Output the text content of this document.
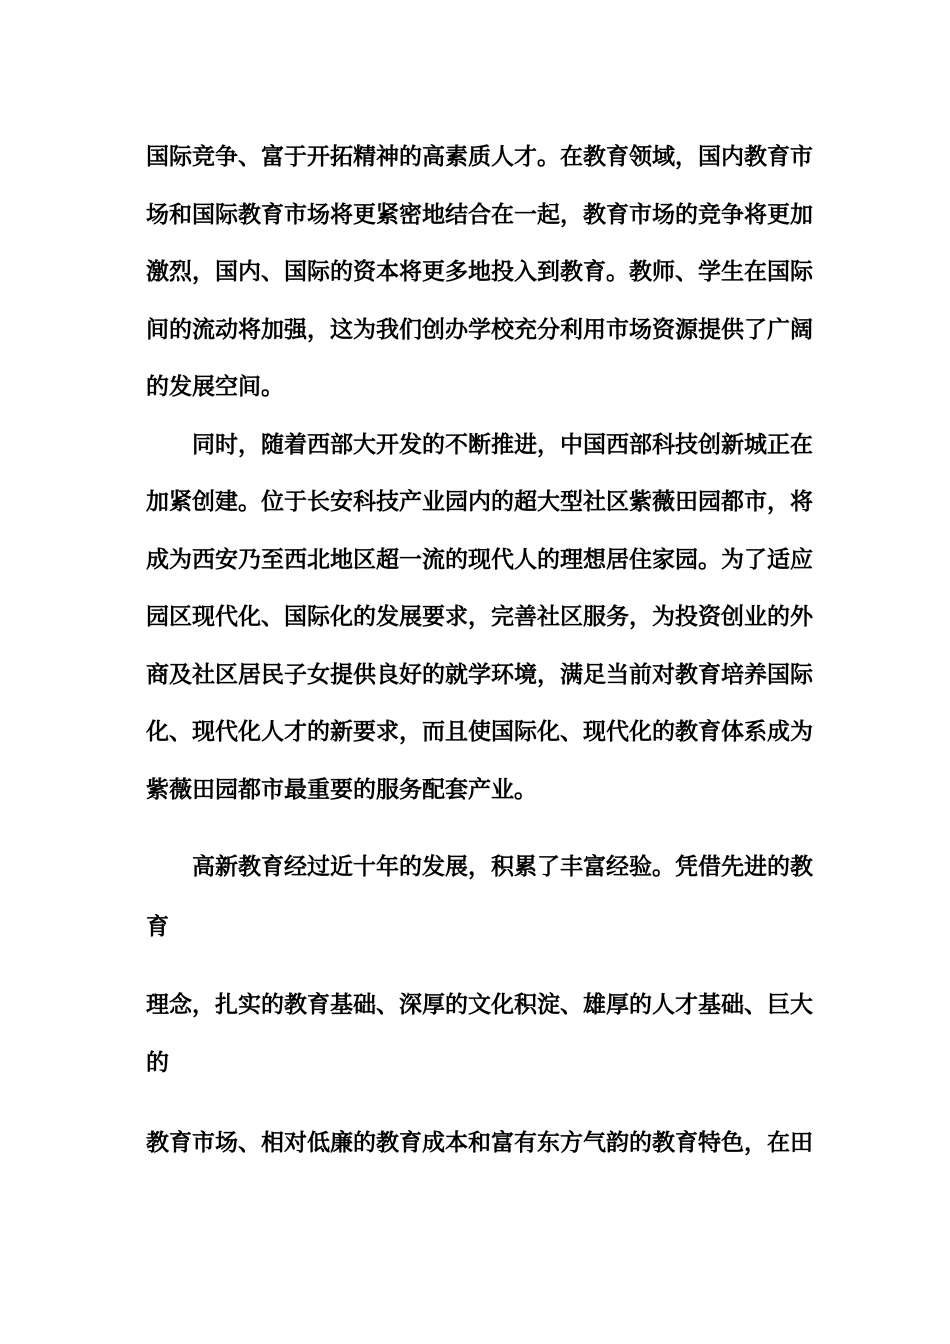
国际竞争、富于开拓精神的高素质人才。在教育领域，国内教育市
场和国际教育市场将更紧密地结合在一起，教育市场的竞争将更加
激烈，国内、国际的资本将更多地投入到教育。教师、学生在国际
间的流动将加强，这为我们创办学校充分利用市场资源提供了广阔
的发展空间。
同时，随着西部大开发的不断推进，中国西部科技创新城正在
加紧创建。位于长安科技产业园内的超大型社区紫薇田园都市，将
成为西安乃至西北地区超一流的现代人的理想居住家园。为了适应
园区现代化、国际化的发展要求，完善社区服务，为投资创业的外
商及社区居民子女提供良好的就学环境，满足当前对教育培养国际
化、现代化人才的新要求，而且使国际化、现代化的教育体系成为
紫薇田园都市最重要的服务配套产业。
高新教育经过近十年的发展，积累了丰富经验。凭借先进的教
育
理念，扎实的教育基础、深厚的文化积淀、雄厚的人才基础、巨大
的
教育市场、相对低廉的教育成本和富有东方气韵的教育特色，在田
